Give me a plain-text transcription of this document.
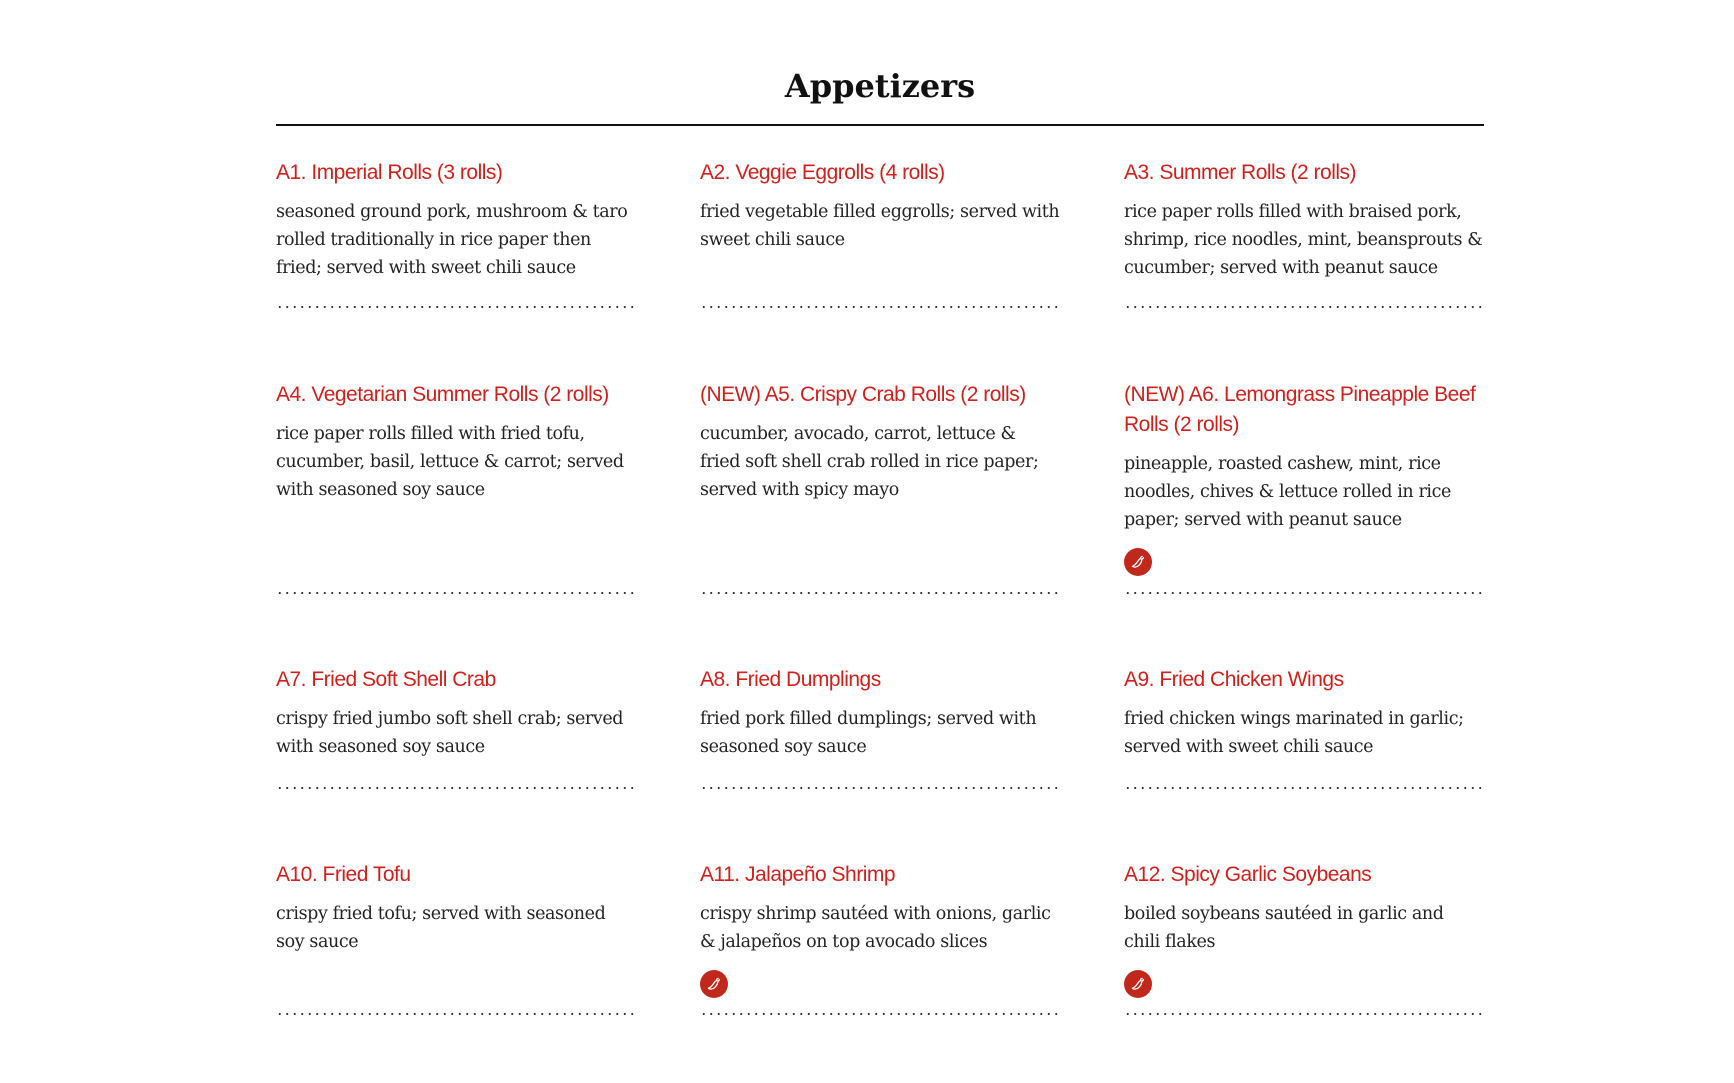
Appetizers
A1. Imperial Rolls (3 rolls)

seasoned ground pork, mushroom & taro rolled traditionally in rice paper then fried; served with sweet chili sauce

A2. Veggie Eggrolls (4 rolls)

fried vegetable filled eggrolls; served with sweet chili sauce

A3. Summer Rolls (2 rolls)

rice paper rolls filled with braised pork, shrimp, rice noodles, mint, beansprouts & cucumber; served with peanut sauce

A4. Vegetarian Summer Rolls (2 rolls)

rice paper rolls filled with fried tofu, cucumber, basil, lettuce & carrot; served with seasoned soy sauce

(NEW) A5. Crispy Crab Rolls (2 rolls)

cucumber, avocado, carrot, lettuce & fried soft shell crab rolled in rice paper; served with spicy mayo

(NEW) A6. Lemongrass Pineapple Beef Rolls (2 rolls)

pineapple, roasted cashew, mint, rice noodles, chives & lettuce rolled in rice paper; served with peanut sauce

A7. Fried Soft Shell Crab

crispy fried jumbo soft shell crab; served with seasoned soy sauce

A8. Fried Dumplings

fried pork filled dumplings; served with seasoned soy sauce

A9. Fried Chicken Wings

fried chicken wings marinated in garlic; served with sweet chili sauce

A10. Fried Tofu

crispy fried tofu; served with seasoned soy sauce

A11. Jalapeño Shrimp

crispy shrimp sautéed with onions, garlic & jalapeños on top avocado slices

A12. Spicy Garlic Soybeans

boiled soybeans sautéed in garlic and chili flakes
